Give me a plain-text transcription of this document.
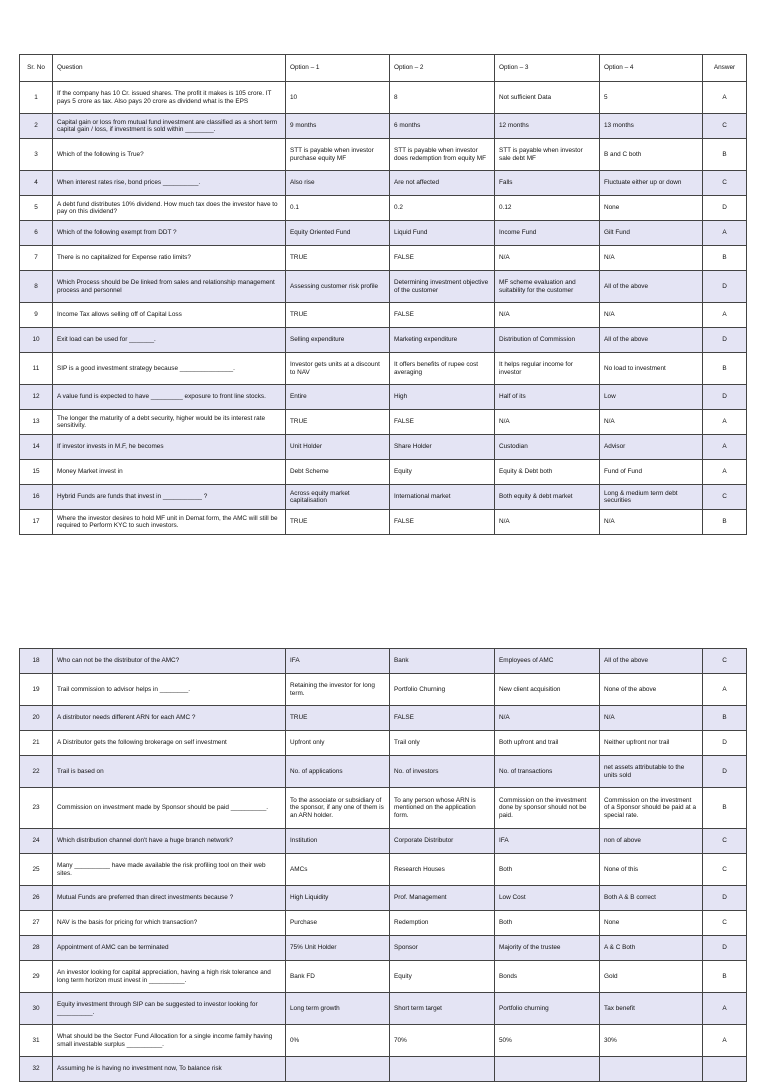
Sr. No	Question	Option – 1	Option – 2	Option – 3	Option – 4	Answer
1	If the company has 10 Cr. issued shares. The profit it makes is 105 crore. IT pays 5 crore as tax. Also pays 20 crore as dividend what is the EPS	10	8	Not sufficient Data	5	A
2	Capital gain or loss from mutual fund investment are classified as a short term capital gain / loss, if investment is sold within ________.	9 months	6 months	12 months	13 months	C
3	Which of the following is True?	STT is payable when investor purchase equity MF	STT is payable when investor does redemption from equity MF	STT is payable when investor sale debt MF	B and C both	B
4	When interest rates rise, bond prices __________.	Also rise	Are not affected	Falls	Fluctuate either up or down	C
5	A debt fund distributes 10% dividend. How much tax does the investor have to pay on this dividend?	0.1	0.2	0.12	None	D
6	Which of the following exempt from DDT ?	Equity Oriented Fund	Liquid Fund	Income Fund	Gilt Fund	A
7	There is no capitalized for Expense ratio limits?	TRUE	FALSE	N/A	N/A	B
8	Which Process should be De linked from sales and relationship management process and personnel	Assessing customer risk profile	Determining investment objective of the customer	MF scheme evaluation and suitability for the customer	All of the above	D
9	Income Tax allows selling off of Capital Loss	TRUE	FALSE	N/A	N/A	A
10	Exit load can be used for _______.	Selling expenditure	Marketing expenditure	Distribution of Commission	All of the above	D
11	SIP is a good investment strategy because _______________.	Investor gets units at a discount to NAV	It offers benefits of rupee cost averaging	It helps regular income for investor	No load to investment	B
12	A value fund is expected to have _________ exposure to front line stocks.	Entire	High	Half of its	Low	D
13	The longer the maturity of a debt security, higher would be its interest rate sensitivity.	TRUE	FALSE	N/A	N/A	A
14	If investor invests in M.F, he becomes	Unit Holder	Share Holder	Custodian	Advisor	A
15	Money Market invest in	Debt Scheme	Equity	Equity & Debt both	Fund of Fund	A
16	Hybrid Funds are funds that invest in ___________ ?	Across equity market capitalisation	International market	Both equity & debt market	Long & medium term debt securities	C
17	Where the investor desires to hold MF unit in Demat form, the AMC will still be required to Perform KYC to such investors.	TRUE	FALSE	N/A	N/A	B
18	Who can not be the distributor of the AMC?	IFA	Bank	Employees of AMC	All of the above	C
19	Trail commission to advisor helps in ________.	Retaining the investor for long term.	Portfolio Churning	New client acquisition	None of the above	A
20	A distributor needs different ARN for each AMC ?	TRUE	FALSE	N/A	N/A	B
21	A Distributor gets the following brokerage on self investment	Upfront only	Trail only	Both upfront and trail	Neither upfront nor trail	D
22	Trail is based on	No. of applications	No. of investors	No. of transactions	net assets attributable to the units sold	D
23	Commission on investment made by Sponsor should be paid __________.	To the associate or subsidiary of the sponsor, if any one of them is an ARN holder.	To any person whose ARN is mentioned on the application form.	Commission on the investment done by sponsor should not be paid.	Commission on the investment of a Sponsor should be paid at a special rate.	B
24	Which distribution channel don't have a huge branch network?	Institution	Corporate Distributor	IFA	non of above	C
25	Many __________ have made available the risk profiling tool on their web sites.	AMCs	Research Houses	Both	None of this	C
26	Mutual Funds are preferred than direct investments because ?	High Liquidity	Prof. Management	Low Cost	Both A & B correct	D
27	NAV is the basis for pricing for which transaction?	Purchase	Redemption	Both	None	C
28	Appointment of AMC can be terminated	75% Unit Holder	Sponsor	Majority of the trustee	A & C Both	D
29	An investor looking for capital appreciation, having a high risk tolerance and long term horizon must invest in __________.	Bank FD	Equity	Bonds	Gold	B
30	Equity investment through SIP can be suggested to investor looking for __________.	Long term growth	Short term target	Portfolio churning	Tax benefit	A
31	What should be the Sector Fund Allocation for a single income family having small investable surplus __________.	0%	70%	50%	30%	A
32	Assuming he is having no investment now, To balance risk					
